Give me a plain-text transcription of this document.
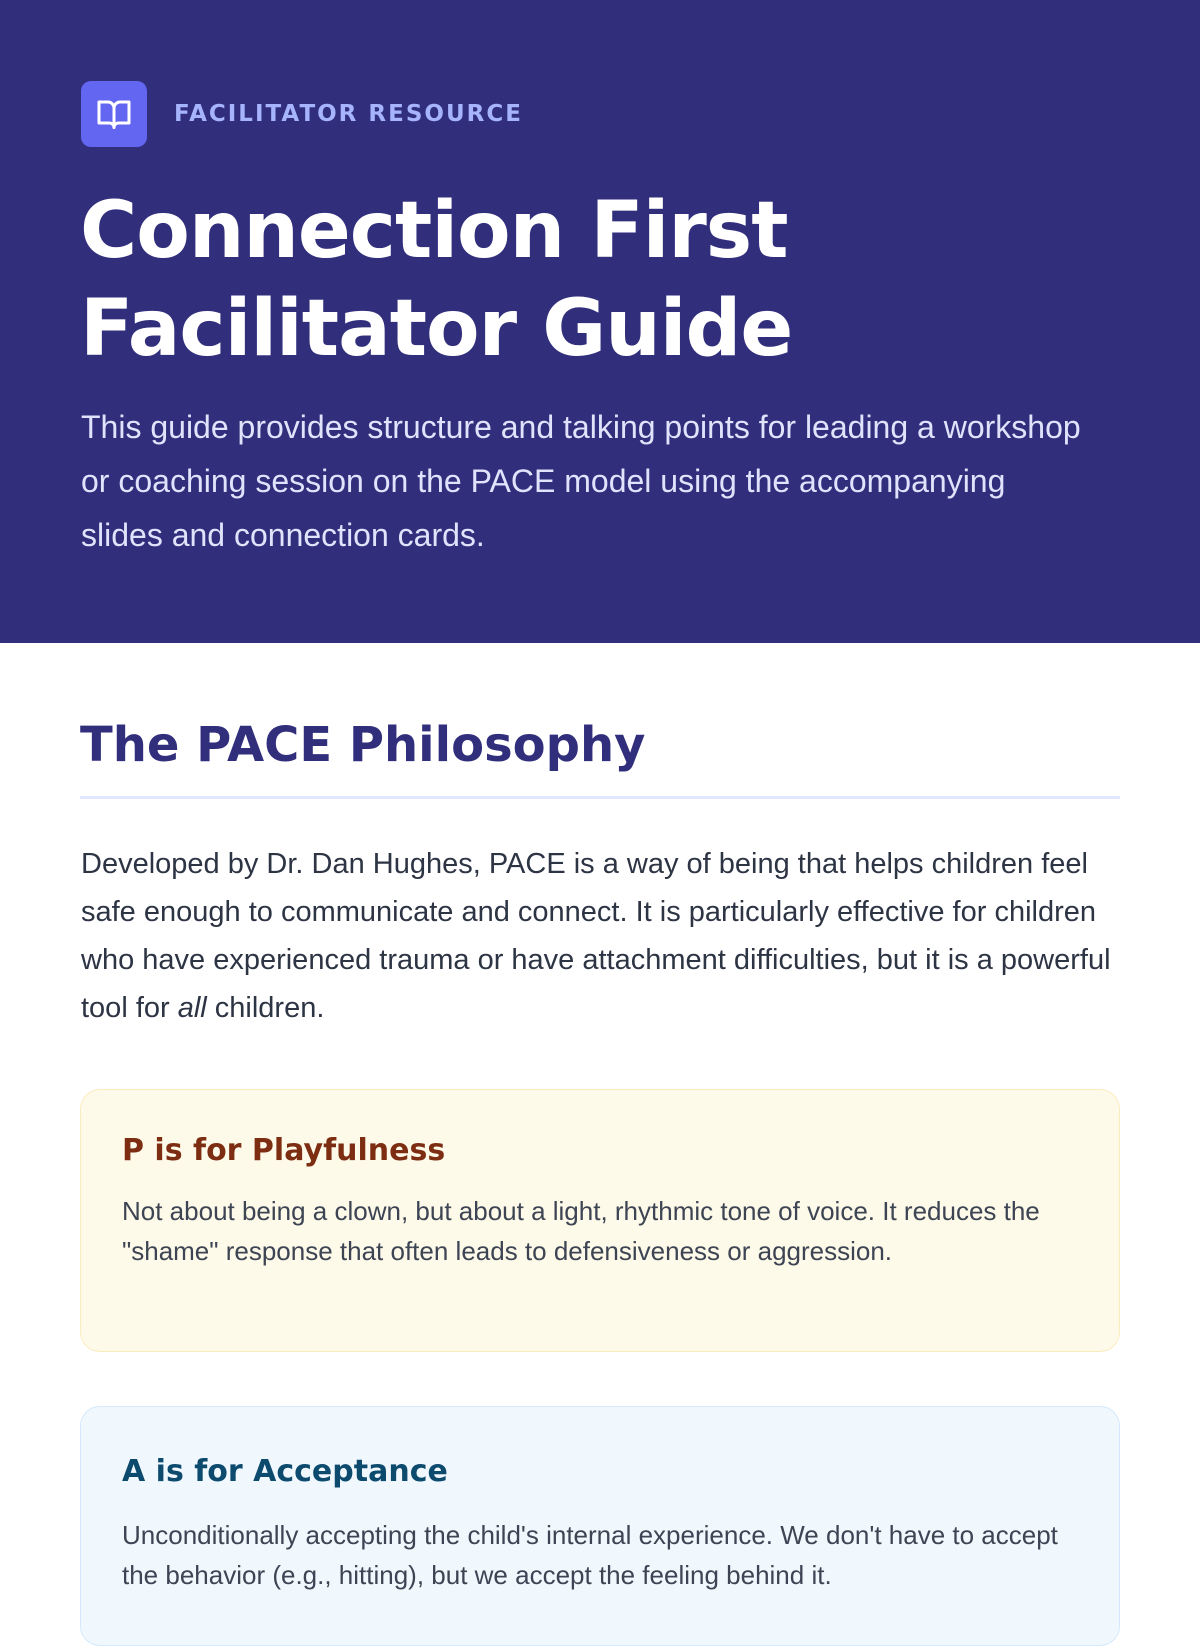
FACILITATOR RESOURCE
Connection First
Facilitator Guide

This guide provides structure and talking points for leading a workshop or coaching session on the PACE model using the accompanying slides and connection cards.

The PACE Philosophy

Developed by Dr. Dan Hughes, PACE is a way of being that helps children feel safe enough to communicate and connect. It is particularly effective for children who have experienced trauma or have attachment difficulties, but it is a powerful tool for all children.

P is for Playfulness

Not about being a clown, but about a light, rhythmic tone of voice. It reduces the "shame" response that often leads to defensiveness or aggression.

A is for Acceptance

Unconditionally accepting the child's internal experience. We don't have to accept the behavior (e.g., hitting), but we accept the feeling behind it.
